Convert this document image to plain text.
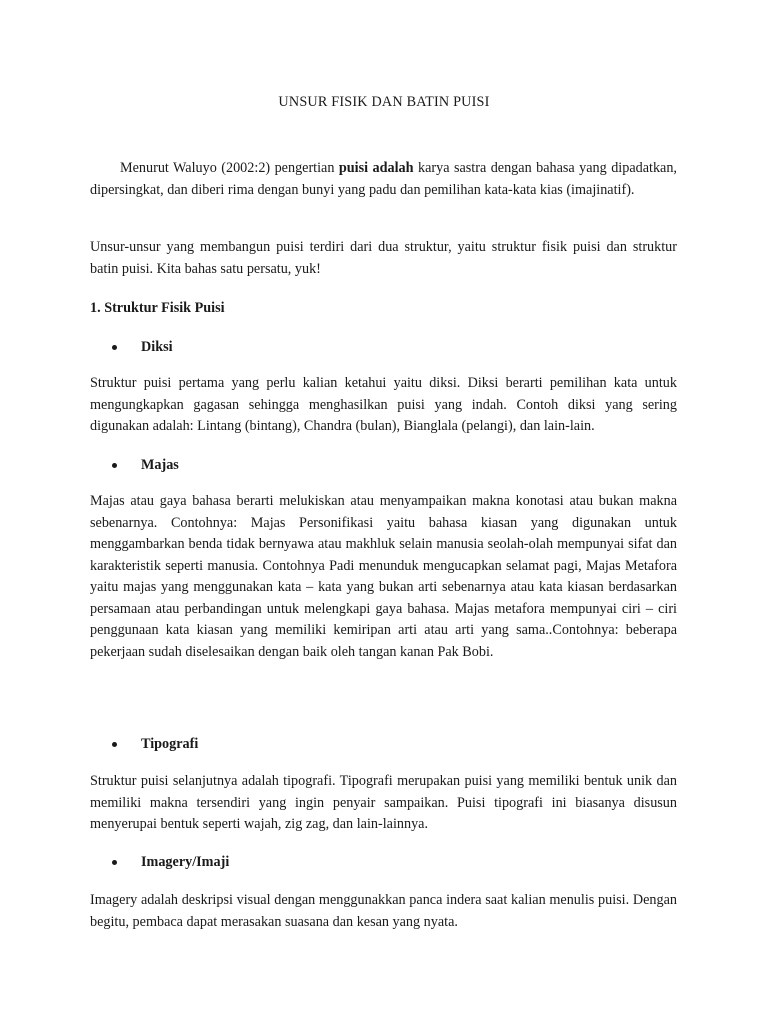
UNSUR FISIK DAN BATIN PUISI

Menurut Waluyo (2002:2) pengertian puisi adalah karya sastra dengan bahasa yang dipadatkan, dipersingkat, dan diberi rima dengan bunyi yang padu dan pemilihan kata-kata kias (imajinatif).

Unsur-unsur yang membangun puisi terdiri dari dua struktur, yaitu struktur fisik puisi dan struktur batin puisi. Kita bahas satu persatu, yuk!

1. Struktur Fisik Puisi

Diksi

Struktur puisi pertama yang perlu kalian ketahui yaitu diksi. Diksi berarti pemilihan kata untuk mengungkapkan gagasan sehingga menghasilkan puisi yang indah. Contoh diksi yang sering digunakan adalah: Lintang (bintang), Chandra (bulan), Bianglala (pelangi), dan lain-lain.

Majas

Majas atau gaya bahasa berarti melukiskan atau menyampaikan makna konotasi atau bukan makna sebenarnya. Contohnya: Majas Personifikasi yaitu bahasa kiasan yang digunakan untuk menggambarkan benda tidak bernyawa atau makhluk selain manusia seolah-olah mempunyai sifat dan karakteristik seperti manusia. Contohnya Padi menunduk mengucapkan selamat pagi, Majas Metafora yaitu majas yang menggunakan kata – kata yang bukan arti sebenarnya atau kata kiasan berdasarkan persamaan atau perbandingan untuk melengkapi gaya bahasa. Majas metafora mempunyai ciri – ciri penggunaan kata kiasan yang memiliki kemiripan arti atau arti yang sama..Contohnya: beberapa pekerjaan sudah diselesaikan dengan baik oleh tangan kanan Pak Bobi.

Tipografi

Struktur puisi selanjutnya adalah tipografi. Tipografi merupakan puisi yang memiliki bentuk unik dan memiliki makna tersendiri yang ingin penyair sampaikan. Puisi tipografi ini biasanya disusun menyerupai bentuk seperti wajah, zig zag, dan lain-lainnya.

Imagery/Imaji

Imagery adalah deskripsi visual dengan menggunakkan panca indera saat kalian menulis puisi. Dengan begitu, pembaca dapat merasakan suasana dan kesan yang nyata.
